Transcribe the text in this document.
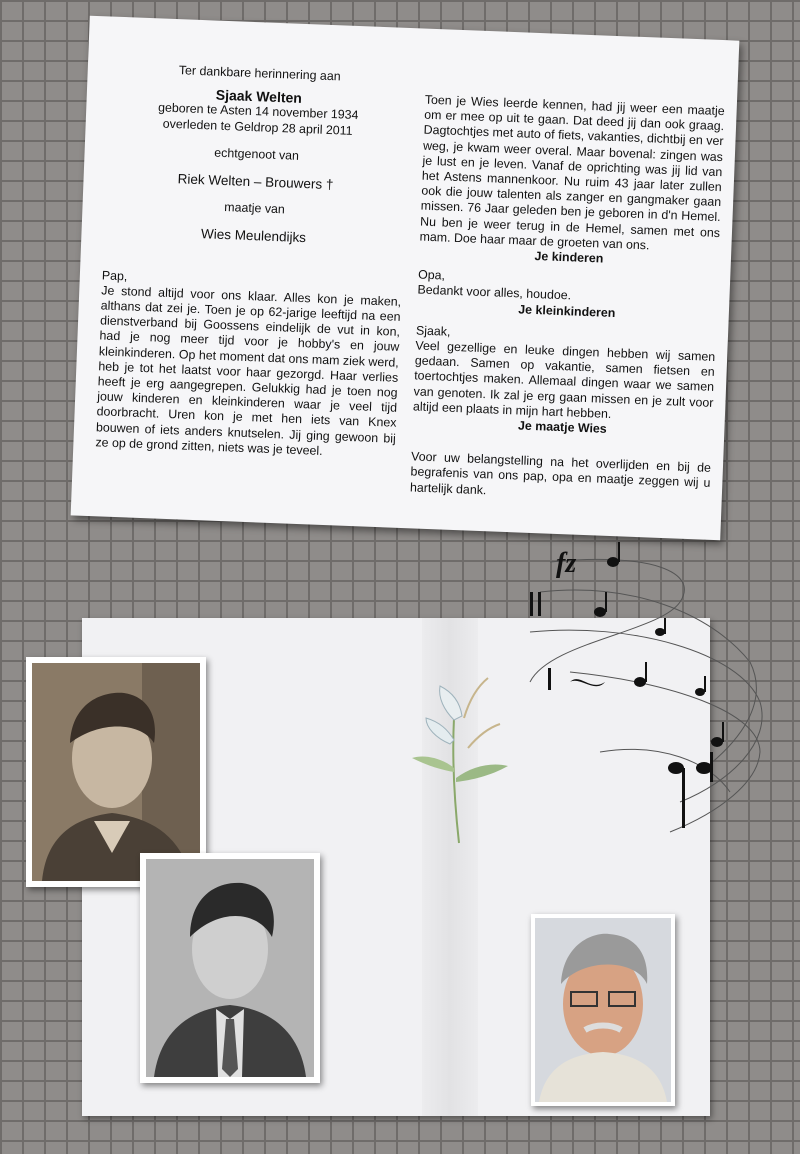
Ter dankbare herinnering aan
Sjaak Welten
geboren te Asten 14 november 1934
overleden te Geldrop 28 april 2011
echtgenoot van
Riek Welten – Brouwers †
maatje van
Wies Meulendijks
Pap,
Je stond altijd voor ons klaar. Alles kon je maken, althans dat zei je. Toen je op 62-jarige leeftijd na een dienstverband bij Goossens eindelijk de vut in kon, had je nog meer tijd voor je hobby's en jouw kleinkinderen. Op het moment dat ons mam ziek werd, heb je tot het laatst voor haar gezorgd. Haar verlies heeft je erg aangegrepen. Gelukkig had je toen nog jouw kinderen en kleinkinderen waar je veel tijd doorbracht. Uren kon je met hen iets van Knex bouwen of iets anders knutselen. Jij ging gewoon bij ze op de grond zitten, niets was je teveel.
Toen je Wies leerde kennen, had jij weer een maatje om er mee op uit te gaan. Dat deed jij dan ook graag. Dagtochtjes met auto of fiets, vakanties, dichtbij en ver weg, je kwam weer overal. Maar bovenal: zingen was je lust en je leven. Vanaf de oprichting was jij lid van het Astens mannenkoor. Nu ruim 43 jaar later zullen ook die jouw talenten als zanger en gangmaker gaan missen. 76 Jaar geleden ben je geboren in d'n Hemel. Nu ben je weer terug in de Hemel, samen met ons mam. Doe haar maar de groeten van ons.
Je kinderen
Opa,
Bedankt voor alles, houdoe.
Je kleinkinderen
Sjaak,
Veel gezellige en leuke dingen hebben wij samen gedaan. Samen op vakantie, samen fietsen en toertochtjes maken. Allemaal dingen waar we samen van genoten. Ik zal je erg gaan missen en je zult voor altijd een plaats in mijn hart hebben.
Je maatje Wies
Voor uw belangstelling na het overlijden en bij de begrafenis van ons pap, opa en maatje zeggen wij u hartelijk dank.
fz
